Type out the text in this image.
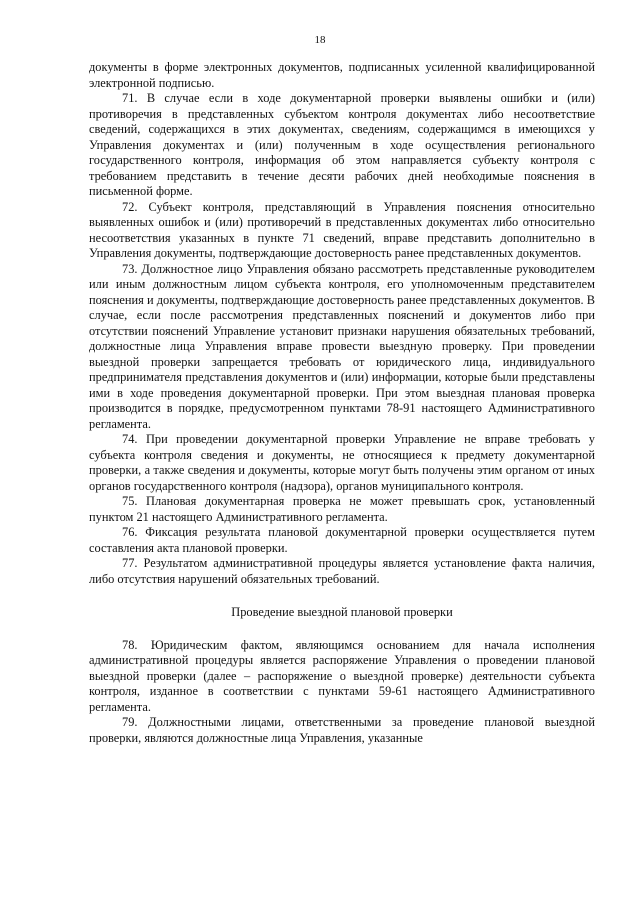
18

документы в форме электронных документов, подписанных усиленной квалифицированной электронной подписью.

71. В случае если в ходе документарной проверки выявлены ошибки и (или) противоречия в представленных субъектом контроля документах либо несоответствие сведений, содержащихся в этих документах, сведениям, содержащимся в имеющихся у Управления документах и (или) полученным в ходе осуществления регионального государственного контроля, информация об этом направляется субъекту контроля с требованием представить в течение десяти рабочих дней необходимые пояснения в письменной форме.

72. Субъект контроля, представляющий в Управления пояснения относительно выявленных ошибок и (или) противоречий в представленных документах либо относительно несоответствия указанных в пункте 71 сведений, вправе представить дополнительно в Управления документы, подтверждающие достоверность ранее представленных документов.

73. Должностное лицо Управления обязано рассмотреть представленные руководителем или иным должностным лицом субъекта контроля, его уполномоченным представителем пояснения и документы, подтверждающие достоверность ранее представленных документов. В случае, если после рассмотрения представленных пояснений и документов либо при отсутствии пояснений Управление установит признаки нарушения обязательных требований, должностные лица Управления вправе провести выездную проверку. При проведении выездной проверки запрещается требовать от юридического лица, индивидуального предпринимателя представления документов и (или) информации, которые были представлены ими в ходе проведения документарной проверки. При этом выездная плановая проверка производится в порядке, предусмотренном пунктами 78-91 настоящего Административного регламента.

74. При проведении документарной проверки Управление не вправе требовать у субъекта контроля сведения и документы, не относящиеся к предмету документарной проверки, а также сведения и документы, которые могут быть получены этим органом от иных органов государственного контроля (надзора), органов муниципального контроля.

75. Плановая документарная проверка не может превышать срок, установленный пунктом 21 настоящего Административного регламента.

76. Фиксация результата плановой документарной проверки осуществляется путем составления акта плановой проверки.

77. Результатом административной процедуры является установление факта наличия, либо отсутствия нарушений обязательных требований.

Проведение выездной плановой проверки

78. Юридическим фактом, являющимся основанием для начала исполнения административной процедуры является распоряжение Управления о проведении плановой выездной проверки (далее – распоряжение о выездной проверке) деятельности субъекта контроля, изданное в соответствии с пунктами 59-61 настоящего Административного регламента.

79. Должностными лицами, ответственными за проведение плановой выездной проверки, являются должностные лица Управления, указанные
